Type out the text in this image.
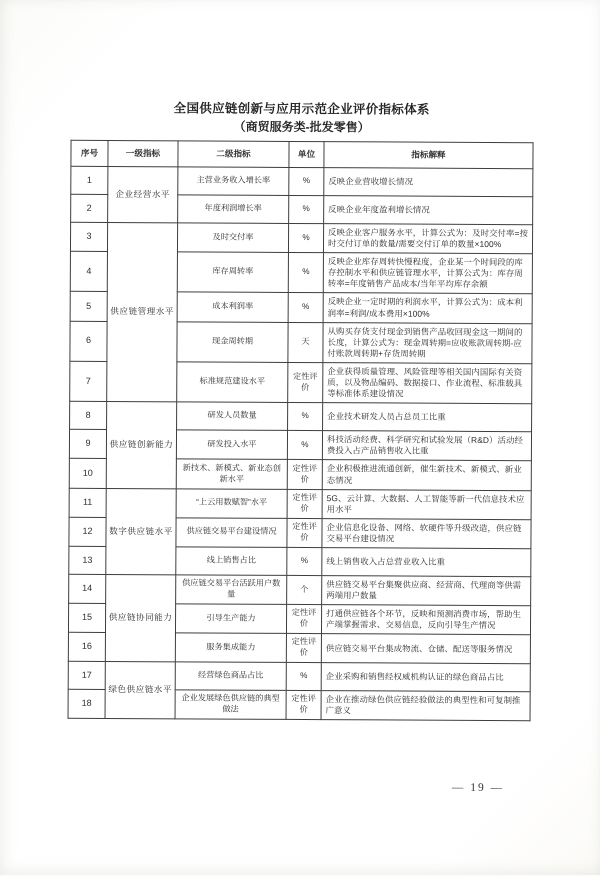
全国供应链创新与应用示范企业评价指标体系
（商贸服务类-批发零售）
序号	一级指标	二级指标	单位	指标解释
1	企业经营水平	主营业务收入增长率	%	反映企业营收增长情况
2		年度利润增长率	%	反映企业年度盈利增长情况
3	供应链管理水平	及时交付率	%	反映企业客户服务水平，计算公式为：及时交付率=按时交付订单的数量/需要交付订单的数量×100%
4		库存周转率	%	反映企业库存周转快慢程度，企业某一个时间段的库存控制水平和供应链管理水平，计算公式为：库存周转率=年度销售产品成本/当年平均库存余额
5		成本利润率	%	反映企业一定时期的利润水平，计算公式为：成本利润率=利润/成本费用×100%
6		现金周转期	天	从购买存货支付现金到销售产品收回现金这一期间的长度，计算公式为：现金周转期=应收账款周转期-应付账款周转期+存货周转期
7		标准规范建设水平	定性评价	企业获得质量管理、风险管理等相关国内国际有关资质，以及物品编码、数据接口、作业流程、标准载具等标准体系建设情况
8	供应链创新能力	研发人员数量	%	企业技术研发人员占总员工比重
9		研发投入水平	%	科技活动经费、科学研究和试验发展（R&D）活动经费投入占产品销售收入比重
10		新技术、新模式、新业态创新水平	定性评价	企业积极推进流通创新，催生新技术、新模式、新业态情况
11	数字供应链水平	“上云用数赋智”水平	定性评价	5G、云计算、大数据、人工智能等新一代信息技术应用水平
12		供应链交易平台建设情况	定性评价	企业信息化设备、网络、软硬件等升级改造，供应链交易平台建设情况
13		线上销售占比	%	线上销售收入占总营业收入比重
14	供应链协同能力	供应链交易平台活跃用户数量	个	供应链交易平台集聚供应商、经营商、代理商等供需两端用户数量
15		引导生产能力	定性评价	打通供应链各个环节，反映和预测消费市场，帮助生产端掌握需求、交易信息，反向引导生产情况
16		服务集成能力	定性评价	供应链交易平台集成物流、仓储、配送等服务情况
17	绿色供应链水平	经营绿色商品占比	%	企业采购和销售经权威机构认证的绿色商品占比
18		企业发展绿色供应链的典型做法	定性评价	企业在推动绿色供应链经验做法的典型性和可复制推广意义
— 19 —
